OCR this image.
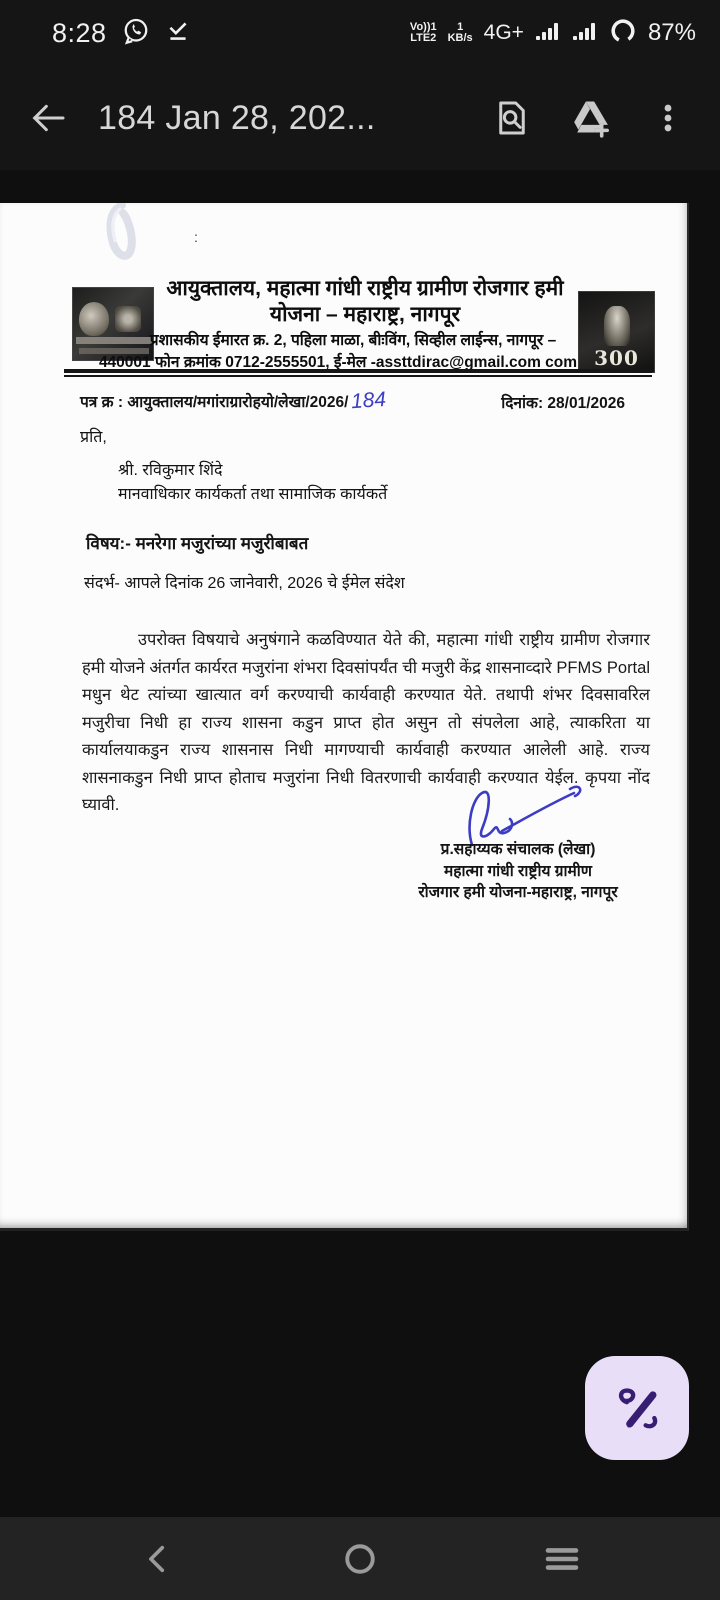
8:28	Vo))1
LTE2
1
KB/s 4G+	87%
184 Jan 28, 202...
:
300
आयुक्तालय, महात्मा गांधी राष्ट्रीय ग्रामीण रोजगार हमी
योजना – महाराष्ट्र, नागपूर
प्रशासकीय ईमारत क्र. 2, पहिला माळा, बीःविंग, सिव्हील लाईन्स, नागपूर –
440001 फोन क्रमांक 0712-2555501, ई-मेल -assttdirac@gmail.com com
पत्र क्र : आयुक्तालय/मगांराग्रारोहयो/लेखा/2026/ 184	दिनांक: 28/01/2026
प्रति,
श्री. रविकुमार शिंदे
मानवाधिकार कार्यकर्ता तथा सामाजिक कार्यकर्ते
विषय:- मनरेगा मजुरांच्या मजुरीबाबत
संदर्भ- आपले दिनांक 26 जानेवारी, 2026 चे ईमेल संदेश
उपरोक्त विषयाचे अनुषंगाने कळविण्यात येते की, महात्मा गांधी राष्ट्रीय ग्रामीण रोजगार हमी योजने अंतर्गत कार्यरत मजुरांना शंभरा दिवसांपर्यंत ची मजुरी केंद्र शासनाव्दारे PFMS Portal मधुन थेट त्यांच्या खात्यात वर्ग करण्याची कार्यवाही करण्यात येते. तथापी शंभर दिवसावरिल मजुरीचा निधी हा राज्य शासना कडुन प्राप्त होत असुन तो संपलेला आहे, त्याकरिता या कार्यालयाकडुन राज्य शासनास निधी मागण्याची कार्यवाही करण्यात आलेली आहे. राज्य शासनाकडुन निधी प्राप्त होताच मजुरांना निधी वितरणाची कार्यवाही करण्यात येईल. कृपया नोंद घ्यावी.
प्र.सहाय्यक संचालक (लेखा)
महात्मा गांधी राष्ट्रीय ग्रामीण
रोजगार हमी योजना-महाराष्ट्र, नागपूर
